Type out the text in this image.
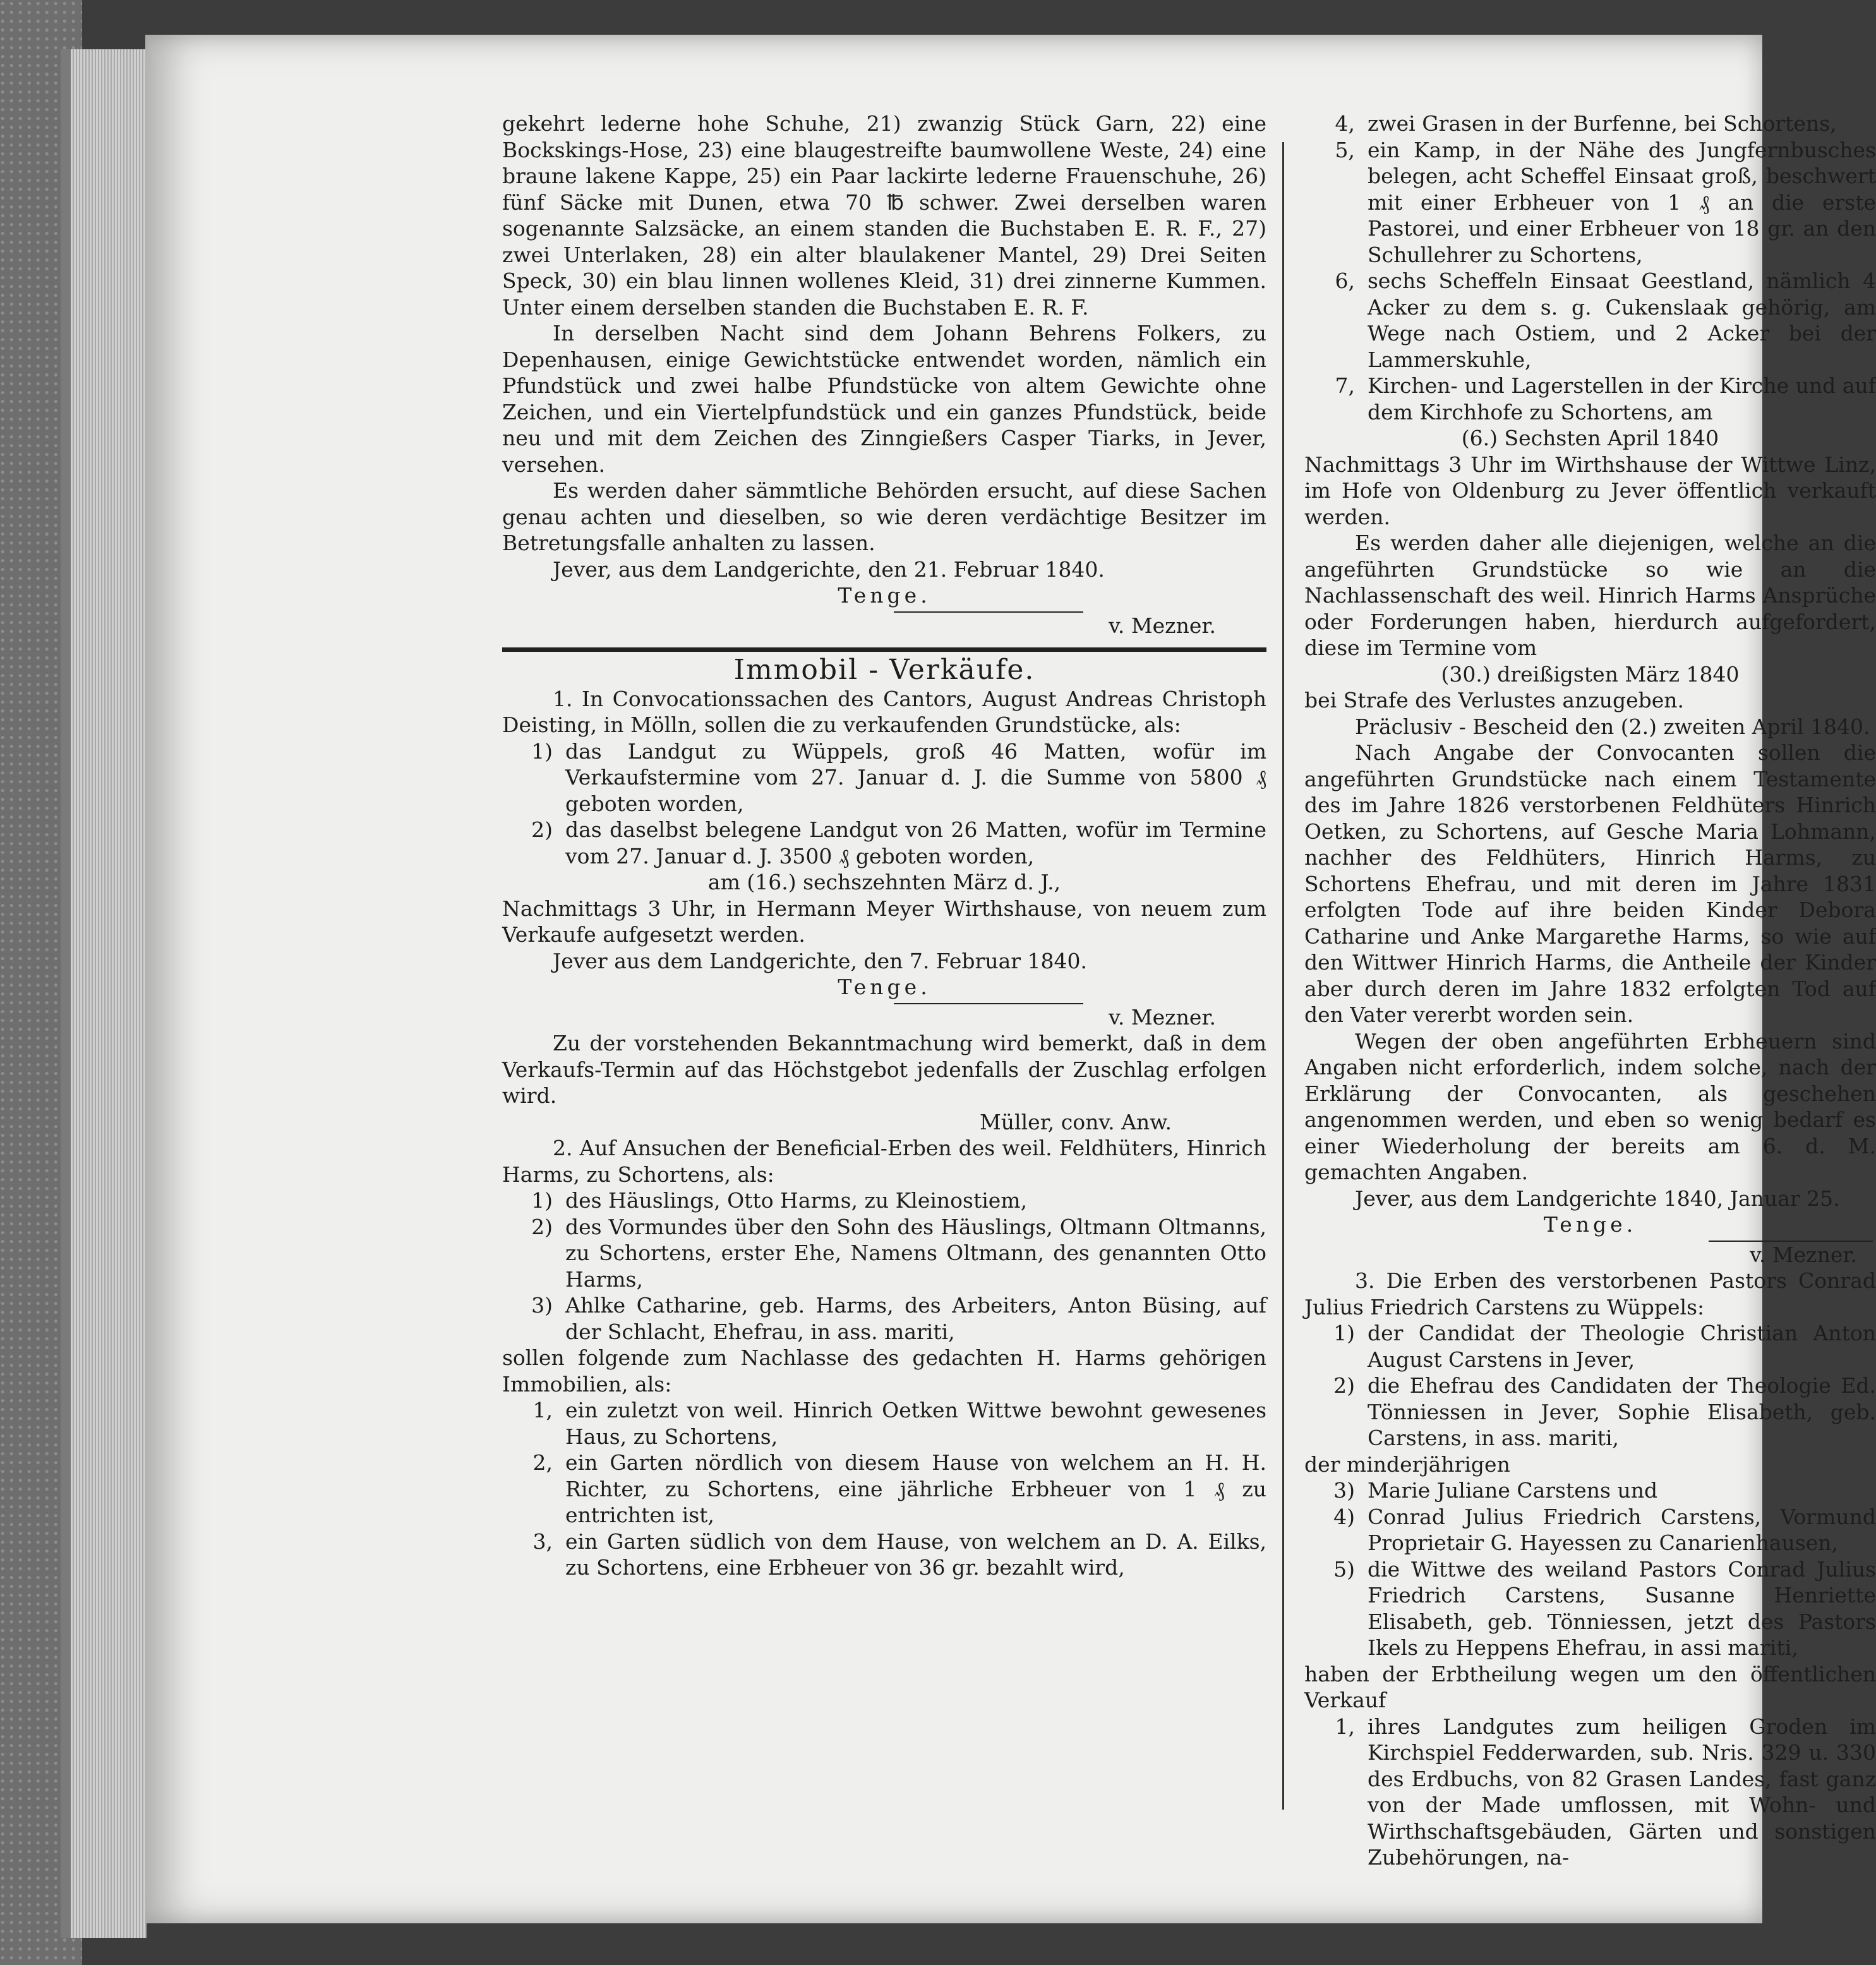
gekehrt lederne hohe Schuhe, 21) zwanzig Stück Garn, 22) eine Bockskings-Hose, 23) eine blaugestreifte baumwollene Weste, 24) eine braune lakene Kappe, 25) ein Paar lackirte lederne Frauenschuhe, 26) fünf Säcke mit Dunen, etwa 70 ℔ schwer. Zwei derselben waren sogenannte Salzsäcke, an einem standen die Buchstaben E. R. F., 27) zwei Unterlaken, 28) ein alter blaulakener Mantel, 29) Drei Seiten Speck, 30) ein blau linnen wollenes Kleid, 31) drei zinnerne Kummen. Unter einem derselben standen die Buchstaben E. R. F.

In derselben Nacht sind dem Johann Behrens Folkers, zu Depenhausen, einige Gewichtstücke entwendet worden, nämlich ein Pfundstück und zwei halbe Pfundstücke von altem Gewichte ohne Zeichen, und ein Viertelpfundstück und ein ganzes Pfundstück, beide neu und mit dem Zeichen des Zinngießers Casper Tiarks, in Jever, versehen.

Es werden daher sämmtliche Behörden ersucht, auf diese Sachen genau achten und dieselben, so wie deren verdächtige Besitzer im Betretungsfalle anhalten zu lassen.

Jever, aus dem Landgerichte, den 21. Februar 1840.

Tenge.

v. Mezner.

Immobil - Verkäufe.

1. In Convocationssachen des Cantors, August Andreas Christoph Deisting, in Mölln, sollen die zu verkaufenden Grundstücke, als:

1) das Landgut zu Wüppels, groß 46 Matten, wofür im Verkaufstermine vom 27. Januar d. J. die Summe von 5800 ₰ geboten worden,
2) das daselbst belegene Landgut von 26 Matten, wofür im Termine vom 27. Januar d. J. 3500 ₰ geboten worden,

am (16.) sechszehnten März d. J.,

Nachmittags 3 Uhr, in Hermann Meyer Wirthshause, von neuem zum Verkaufe aufgesetzt werden.

Jever aus dem Landgerichte, den 7. Februar 1840.

Tenge.

v. Mezner.

Zu der vorstehenden Bekanntmachung wird bemerkt, daß in dem Verkaufs-Termin auf das Höchstgebot jedenfalls der Zuschlag erfolgen wird.

Müller, conv. Anw.

2. Auf Ansuchen der Beneficial-Erben des weil. Feldhüters, Hinrich Harms, zu Schortens, als:

1) des Häuslings, Otto Harms, zu Kleinostiem,
2) des Vormundes über den Sohn des Häuslings, Oltmann Oltmanns, zu Schortens, erster Ehe, Namens Oltmann, des genannten Otto Harms,
3) Ahlke Catharine, geb. Harms, des Arbeiters, Anton Büsing, auf der Schlacht, Ehefrau, in ass. mariti,

sollen folgende zum Nachlasse des gedachten H. Harms gehörigen Immobilien, als:

1, ein zuletzt von weil. Hinrich Oetken Wittwe bewohnt gewesenes Haus, zu Schortens,
2, ein Garten nördlich von diesem Hause von welchem an H. H. Richter, zu Schortens, eine jährliche Erbheuer von 1 ₰ zu entrichten ist,
3, ein Garten südlich von dem Hause, von welchem an D. A. Eilks, zu Schortens, eine Erbheuer von 36 gr. bezahlt wird,
4, zwei Grasen in der Burfenne, bei Schortens,
5, ein Kamp, in der Nähe des Jungfernbusches belegen, acht Scheffel Einsaat groß, beschwert mit einer Erbheuer von 1 ₰ an die erste Pastorei, und einer Erbheuer von 18 gr. an den Schullehrer zu Schortens,
6, sechs Scheffeln Einsaat Geestland, nämlich 4 Acker zu dem s. g. Cukenslaak gehörig, am Wege nach Ostiem, und 2 Acker bei der Lammerskuhle,
7, Kirchen- und Lagerstellen in der Kirche und auf dem Kirchhofe zu Schortens, am

(6.) Sechsten April 1840

Nachmittags 3 Uhr im Wirthshause der Wittwe Linz, im Hofe von Oldenburg zu Jever öffentlich verkauft werden.

Es werden daher alle diejenigen, welche an die angeführten Grundstücke so wie an die Nachlassenschaft des weil. Hinrich Harms Ansprüche oder Forderungen haben, hierdurch aufgefordert, diese im Termine vom

(30.) dreißigsten März 1840

bei Strafe des Verlustes anzugeben.

Präclusiv - Bescheid den (2.) zweiten April 1840.

Nach Angabe der Convocanten sollen die angeführten Grundstücke nach einem Testamente des im Jahre 1826 verstorbenen Feldhüters Hinrich Oetken, zu Schortens, auf Gesche Maria Lohmann, nachher des Feldhüters, Hinrich Harms, zu Schortens Ehefrau, und mit deren im Jahre 1831 erfolgten Tode auf ihre beiden Kinder Debora Catharine und Anke Margarethe Harms, so wie auf den Wittwer Hinrich Harms, die Antheile der Kinder aber durch deren im Jahre 1832 erfolgten Tod auf den Vater vererbt worden sein.

Wegen der oben angeführten Erbheuern sind Angaben nicht erforderlich, indem solche, nach der Erklärung der Convocanten, als geschehen angenommen werden, und eben so wenig bedarf es einer Wiederholung der bereits am 6. d. M. gemachten Angaben.

Jever, aus dem Landgerichte 1840, Januar 25.

Tenge.

v. Mezner.

3. Die Erben des verstorbenen Pastors Conrad Julius Friedrich Carstens zu Wüppels:

1) der Candidat der Theologie Christian Anton August Carstens in Jever,
2) die Ehefrau des Candidaten der Theologie Ed. Tönniessen in Jever, Sophie Elisabeth, geb. Carstens, in ass. mariti,

der minderjährigen

3) Marie Juliane Carstens und
4) Conrad Julius Friedrich Carstens, Vormund Proprietair G. Hayessen zu Canarienhausen,
5) die Wittwe des weiland Pastors Conrad Julius Friedrich Carstens, Susanne Henriette Elisabeth, geb. Tönniessen, jetzt des Pastors Ikels zu Heppens Ehefrau, in assi mariti,

haben der Erbtheilung wegen um den öffentlichen Verkauf

1, ihres Landgutes zum heiligen Groden im Kirchspiel Fedderwarden, sub. Nris. 329 u. 330 des Erdbuchs, von 82 Grasen Landes, fast ganz von der Made umflossen, mit Wohn- und Wirthschaftsgebäuden, Gärten und sonstigen Zubehörungen, na-
